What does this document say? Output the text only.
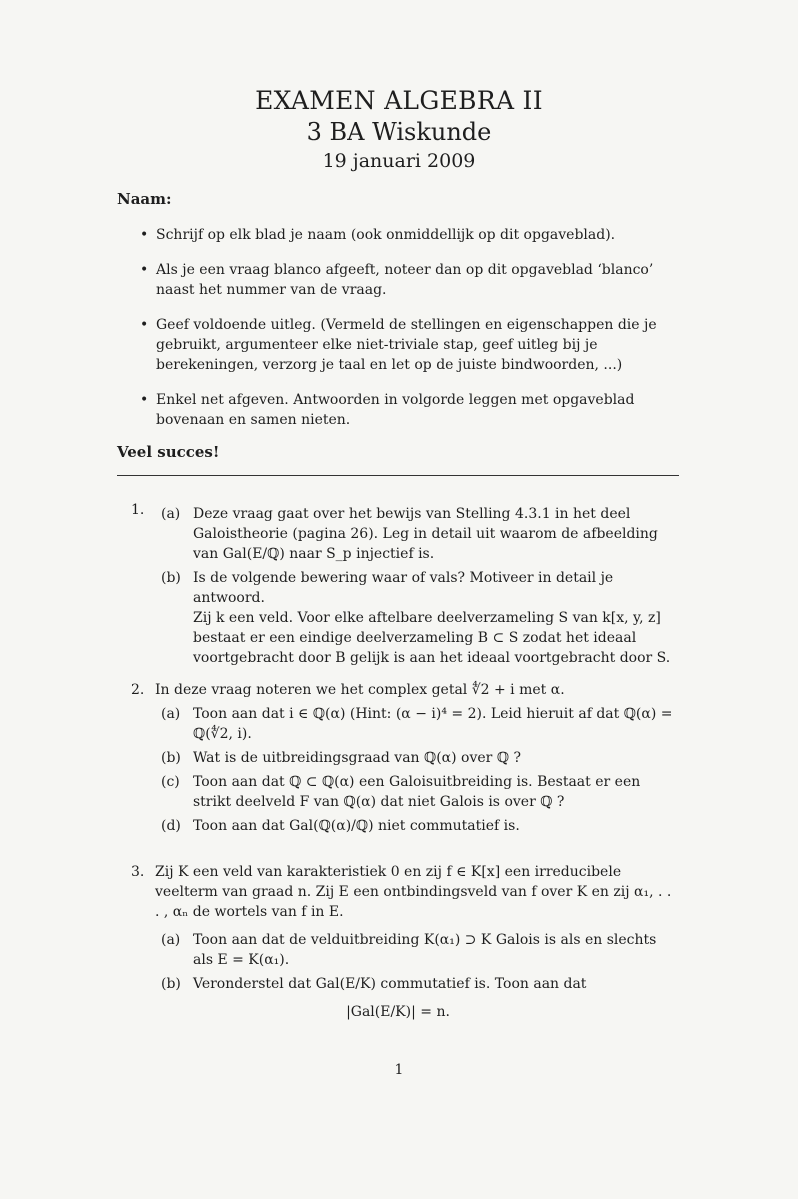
EXAMEN ALGEBRA II
3 BA Wiskunde
19 januari 2009
Naam:
• Schrijf op elk blad je naam (ook onmiddellijk op dit opgaveblad).
• Als je een vraag blanco afgeeft, noteer dan op dit opgaveblad ‘blanco’ naast het nummer van de vraag.
• Geef voldoende uitleg. (Vermeld de stellingen en eigenschappen die je gebruikt, argumenteer elke niet-triviale stap, geef uitleg bij je berekeningen, verzorg je taal en let op de juiste bindwoorden, ...)
• Enkel net afgeven. Antwoorden in volgorde leggen met opgaveblad bovenaan en samen nieten.
Veel succes!
1. (a) Deze vraag gaat over het bewijs van Stelling 4.3.1 in het deel Galoistheorie (pagina 26). Leg in detail uit waarom de afbeelding van Gal(E/ℚ) naar S_p injectief is.
(b) Is de volgende bewering waar of vals? Motiveer in detail je antwoord.
Zij k een veld. Voor elke aftelbare deelverzameling S van k[x, y, z] bestaat er een eindige deelverzameling B ⊂ S zodat het ideaal voortgebracht door B gelijk is aan het ideaal voortgebracht door S.
2. In deze vraag noteren we het complex getal ∜2 + i met α.
(a) Toon aan dat i ∈ ℚ(α) (Hint: (α − i)⁴ = 2). Leid hieruit af dat ℚ(α) = ℚ(∜2, i).
(b) Wat is de uitbreidingsgraad van ℚ(α) over ℚ ?
(c) Toon aan dat ℚ ⊂ ℚ(α) een Galoisuitbreiding is. Bestaat er een strikt deelveld F van ℚ(α) dat niet Galois is over ℚ ?
(d) Toon aan dat Gal(ℚ(α)/ℚ) niet commutatief is.
3. Zij K een veld van karakteristiek 0 en zij f ∈ K[x] een irreducibele veelterm van graad n. Zij E een ontbindingsveld van f over K en zij α₁, . . . , αₙ de wortels van f in E.
(a) Toon aan dat de velduitbreiding K(α₁) ⊃ K Galois is als en slechts als E = K(α₁).
(b) Veronderstel dat Gal(E/K) commutatief is. Toon aan dat
|Gal(E/K)| = n.
1
